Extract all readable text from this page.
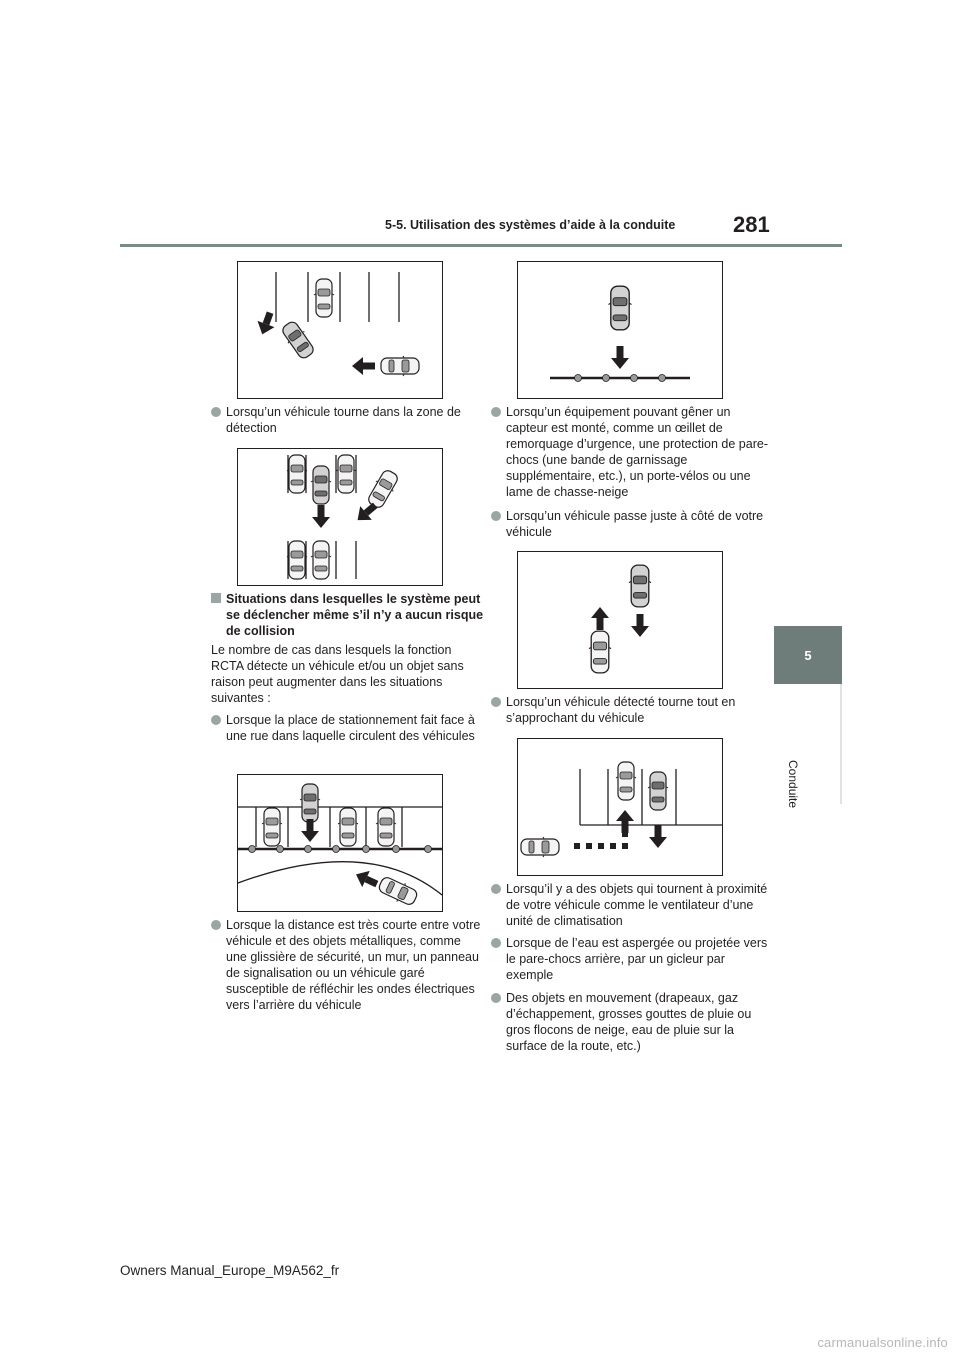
5-5. Utilisation des systèmes d’aide à la conduite	281
5
Conduite
Lorsqu’un véhicule tourne dans la zone de détection
Situations dans lesquelles le système peut se déclencher même s’il n’y a aucun risque de collision
Le nombre de cas dans lesquels la fonction RCTA détecte un véhicule et/ou un objet sans raison peut augmenter dans les situations suivantes :
Lorsque la place de stationnement fait face à une rue dans laquelle circulent des véhicules
Lorsque la distance est très courte entre votre véhicule et des objets métalliques, comme une glissière de sécurité, un mur, un panneau de signalisation ou un véhicule garé susceptible de réfléchir les ondes électriques vers l’arrière du véhicule
Lorsqu’un équipement pouvant gêner un capteur est monté, comme un œillet de remorquage d’urgence, une protection de pare-chocs (une bande de garnissage supplémentaire, etc.), un porte-vélos ou une lame de chasse-neige
Lorsqu’un véhicule passe juste à côté de votre véhicule
Lorsqu’un véhicule détecté tourne tout en s’approchant du véhicule
Lorsqu’il y a des objets qui tournent à proximité de votre véhicule comme le ventilateur d’une unité de climatisation
Lorsque de l’eau est aspergée ou projetée vers le pare-chocs arrière, par un gicleur par exemple
Des objets en mouvement (drapeaux, gaz d’échappement, grosses gouttes de pluie ou gros flocons de neige, eau de pluie sur la surface de la route, etc.)
Owners Manual_Europe_M9A562_fr
carmanualsonline.info
